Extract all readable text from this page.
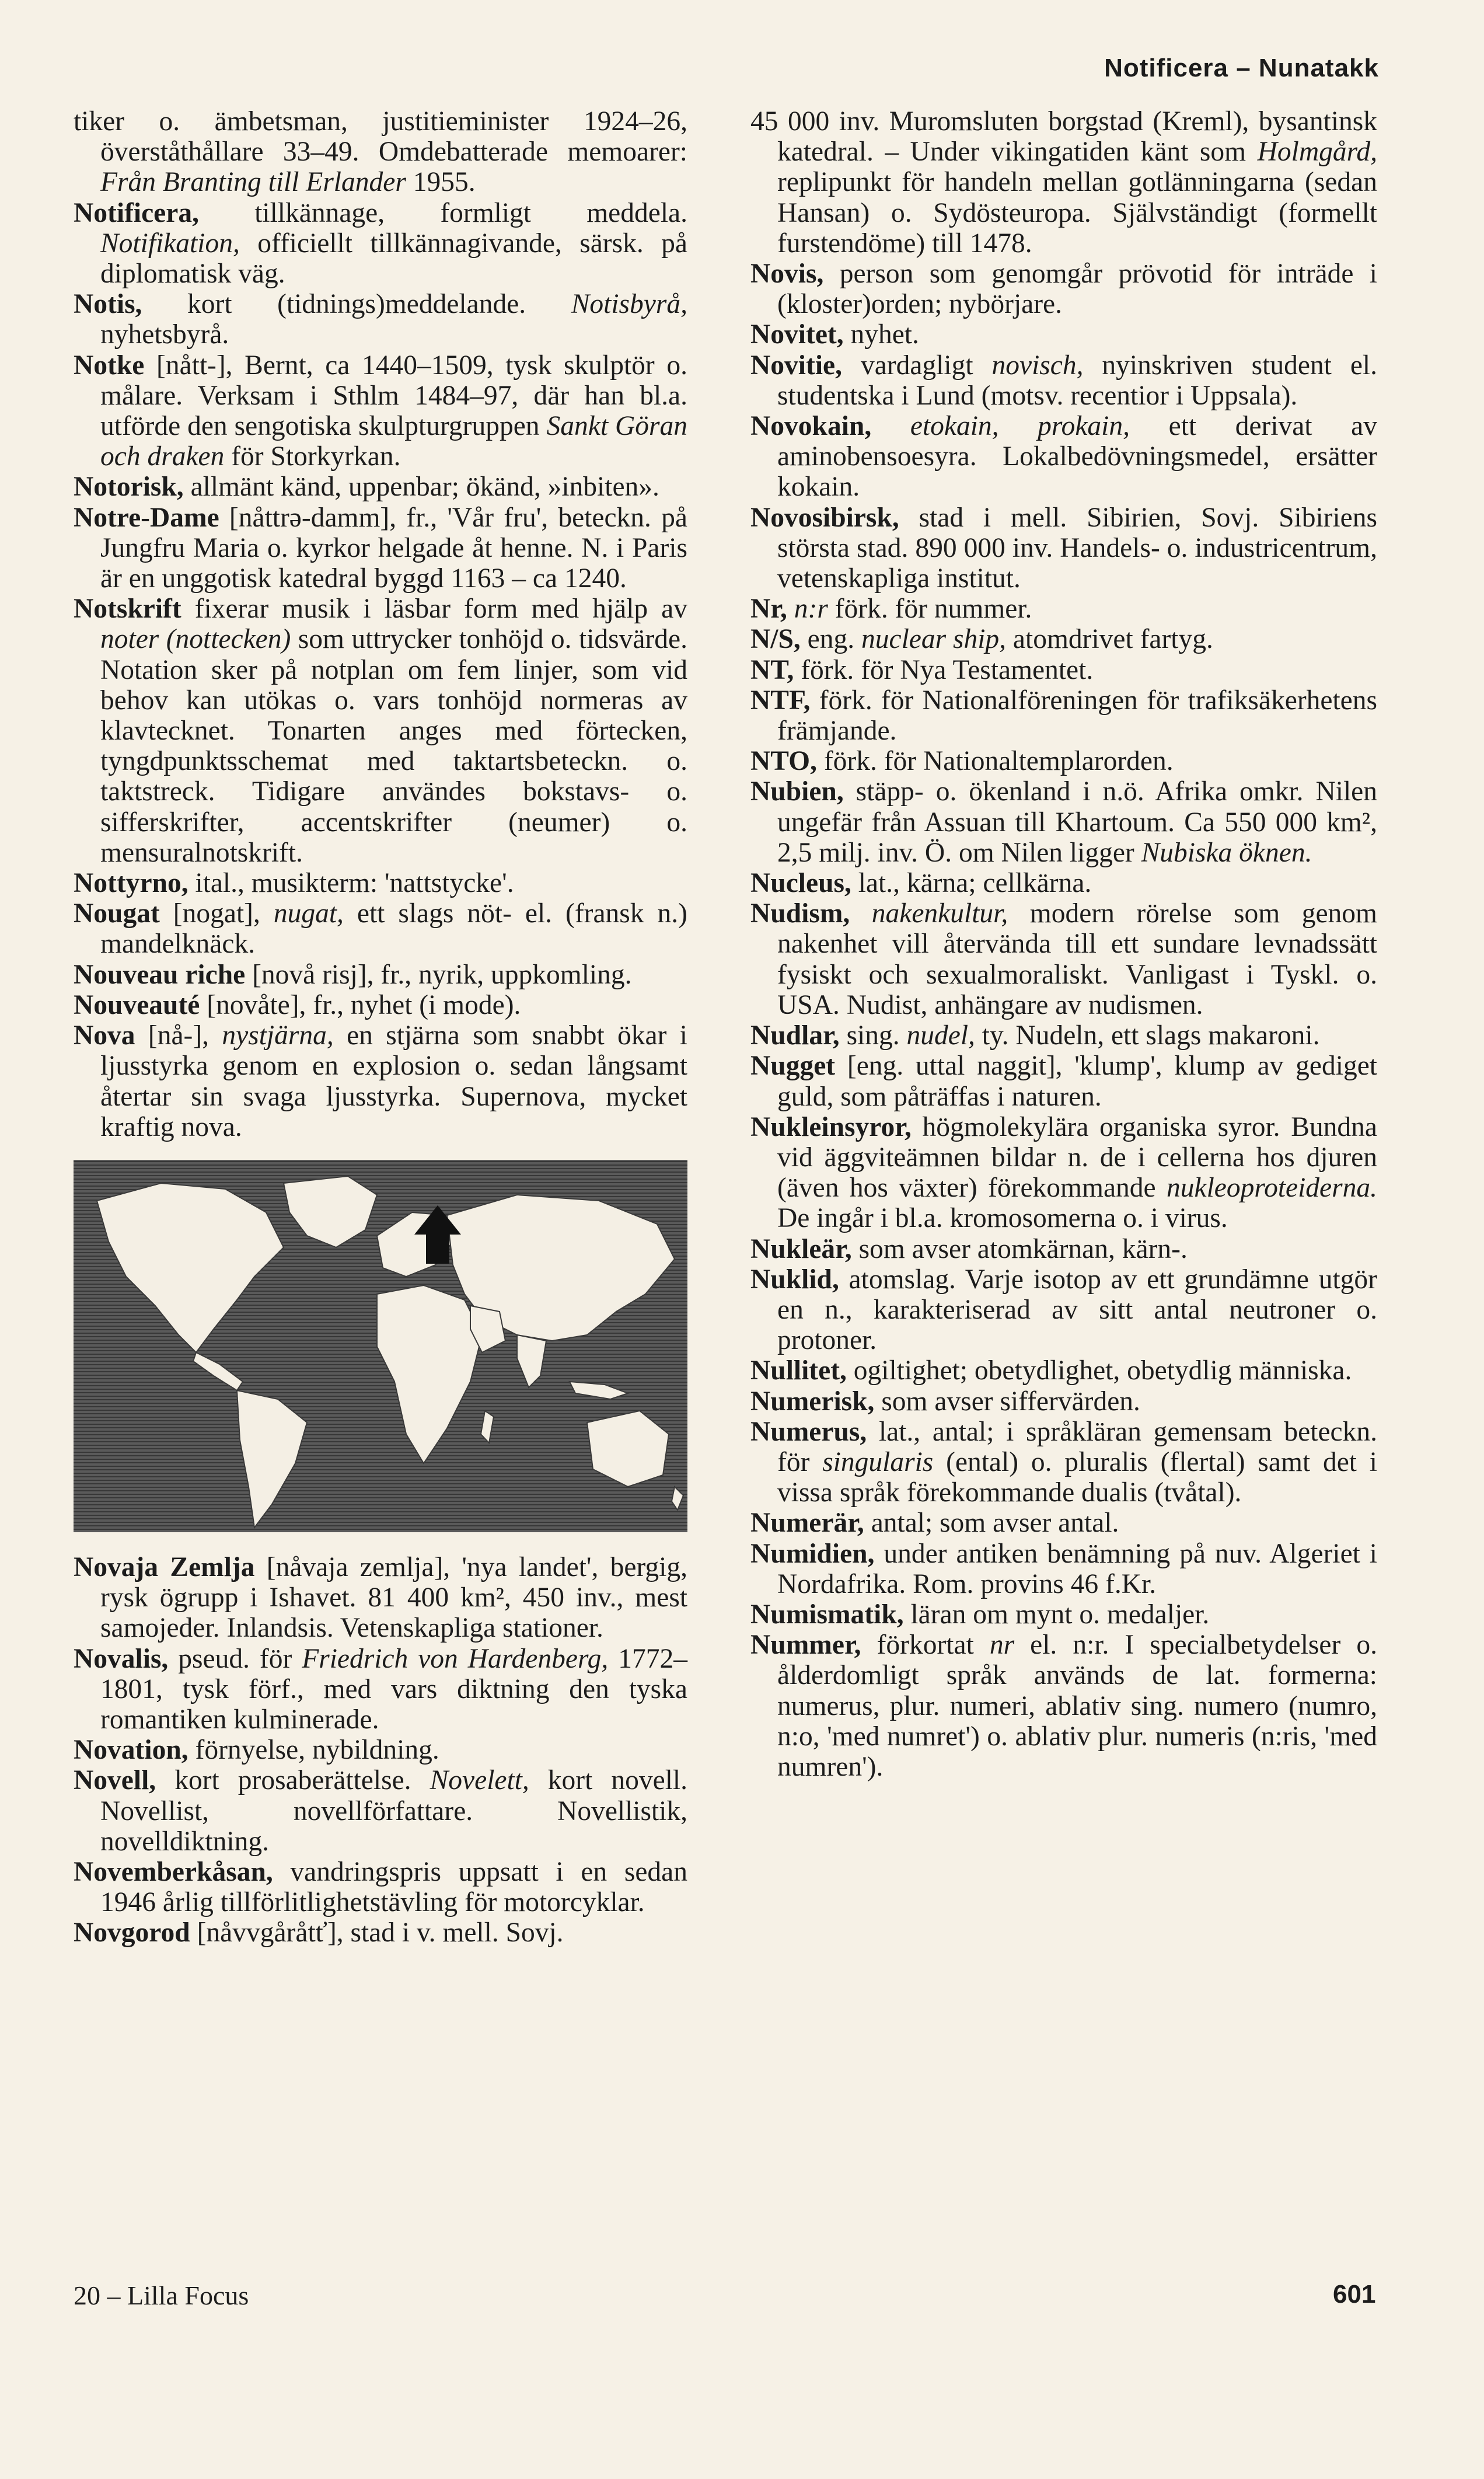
Notificera – Nunatakk

tiker o. ämbetsman, justitieminister 1924–26, överståthållare 33–49. Omdebatterade memoarer: Från Branting till Erlander 1955.

Notificera, tillkännage, formligt meddela. Notifikation, officiellt tillkännagivande, särsk. på diplomatisk väg.

Notis, kort (tidnings)meddelande. Notisbyrå, nyhetsbyrå.

Notke [nått-], Bernt, ca 1440–1509, tysk skulptör o. målare. Verksam i Sthlm 1484–97, där han bl.a. utförde den sengotiska skulpturgruppen Sankt Göran och draken för Storkyrkan.

Notorisk, allmänt känd, uppenbar; ökänd, »inbiten».

Notre-Dame [nåttrə-damm], fr., 'Vår fru', beteckn. på Jungfru Maria o. kyrkor helgade åt henne. N. i Paris är en unggotisk katedral byggd 1163 – ca 1240.

Notskrift fixerar musik i läsbar form med hjälp av noter (nottecken) som uttrycker tonhöjd o. tidsvärde. Notation sker på notplan om fem linjer, som vid behov kan utökas o. vars tonhöjd normeras av klavtecknet. Tonarten anges med förtecken, tyngdpunktsschemat med taktartsbeteckn. o. taktstreck. Tidigare användes bokstavs- o. sifferskrifter, accentskrifter (neumer) o. mensuralnotskrift.

Nottyrno, ital., musikterm: 'nattstycke'.

Nougat [nogat], nugat, ett slags nöt- el. (fransk n.) mandelknäck.

Nouveau riche [novå risj], fr., nyrik, uppkomling.

Nouveauté [novåte], fr., nyhet (i mode).

Nova [nå-], nystjärna, en stjärna som snabbt ökar i ljusstyrka genom en explosion o. sedan långsamt återtar sin svaga ljusstyrka. Supernova, mycket kraftig nova.

Novaja Zemlja [nåvaja zemlja], 'nya landet', bergig, rysk ögrupp i Ishavet. 81 400 km², 450 inv., mest samojeder. Inlandsis. Vetenskapliga stationer.

Novalis, pseud. för Friedrich von Hardenberg, 1772–1801, tysk förf., med vars diktning den tyska romantiken kulminerade.

Novation, förnyelse, nybildning.

Novell, kort prosaberättelse. Novelett, kort novell. Novellist, novellförfattare. Novellistik, novelldiktning.

Novemberkåsan, vandringspris uppsatt i en sedan 1946 årlig tillförlitlighetstävling för motorcyklar.

Novgorod [nåvvgåråtť], stad i v. mell. Sovj.

45 000 inv. Muromsluten borgstad (Kreml), bysantinsk katedral. – Under vikingatiden känt som Holmgård, replipunkt för handeln mellan gotlänningarna (sedan Hansan) o. Sydösteuropa. Självständigt (formellt furstendöme) till 1478.

Novis, person som genomgår prövotid för inträde i (kloster)orden; nybörjare.

Novitet, nyhet.

Novitie, vardagligt novisch, nyinskriven student el. studentska i Lund (motsv. recentior i Uppsala).

Novokain, etokain, prokain, ett derivat av aminobensoesyra. Lokalbedövningsmedel, ersätter kokain.

Novosibirsk, stad i mell. Sibirien, Sovj. Sibiriens största stad. 890 000 inv. Handels- o. industricentrum, vetenskapliga institut.

Nr, n:r förk. för nummer.

N/S, eng. nuclear ship, atomdrivet fartyg.

NT, förk. för Nya Testamentet.

NTF, förk. för Nationalföreningen för trafiksäkerhetens främjande.

NTO, förk. för Nationaltemplarorden.

Nubien, stäpp- o. ökenland i n.ö. Afrika omkr. Nilen ungefär från Assuan till Khartoum. Ca 550 000 km², 2,5 milj. inv. Ö. om Nilen ligger Nubiska öknen.

Nucleus, lat., kärna; cellkärna.

Nudism, nakenkultur, modern rörelse som genom nakenhet vill återvända till ett sundare levnadssätt fysiskt och sexualmoraliskt. Vanligast i Tyskl. o. USA. Nudist, anhängare av nudismen.

Nudlar, sing. nudel, ty. Nudeln, ett slags makaroni.

Nugget [eng. uttal naggit], 'klump', klump av gediget guld, som påträffas i naturen.

Nukleinsyror, högmolekylära organiska syror. Bundna vid äggviteämnen bildar n. de i cellerna hos djuren (även hos växter) förekommande nukleoproteiderna. De ingår i bl.a. kromosomerna o. i virus.

Nukleär, som avser atomkärnan, kärn-.

Nuklid, atomslag. Varje isotop av ett grundämne utgör en n., karakteriserad av sitt antal neutroner o. protoner.

Nullitet, ogiltighet; obetydlighet, obetydlig människa.

Numerisk, som avser siffervärden.

Numerus, lat., antal; i språkläran gemensam beteckn. för singularis (ental) o. pluralis (flertal) samt det i vissa språk förekommande dualis (tvåtal).

Numerär, antal; som avser antal.

Numidien, under antiken benämning på nuv. Algeriet i Nordafrika. Rom. provins 46 f.Kr.

Numismatik, läran om mynt o. medaljer.

Nummer, förkortat nr el. n:r. I specialbetydelser o. ålderdomligt språk används de lat. formerna: numerus, plur. numeri, ablativ sing. numero (numro, n:o, 'med numret') o. ablativ plur. numeris (n:ris, 'med numren').

20 – Lilla Focus	601
